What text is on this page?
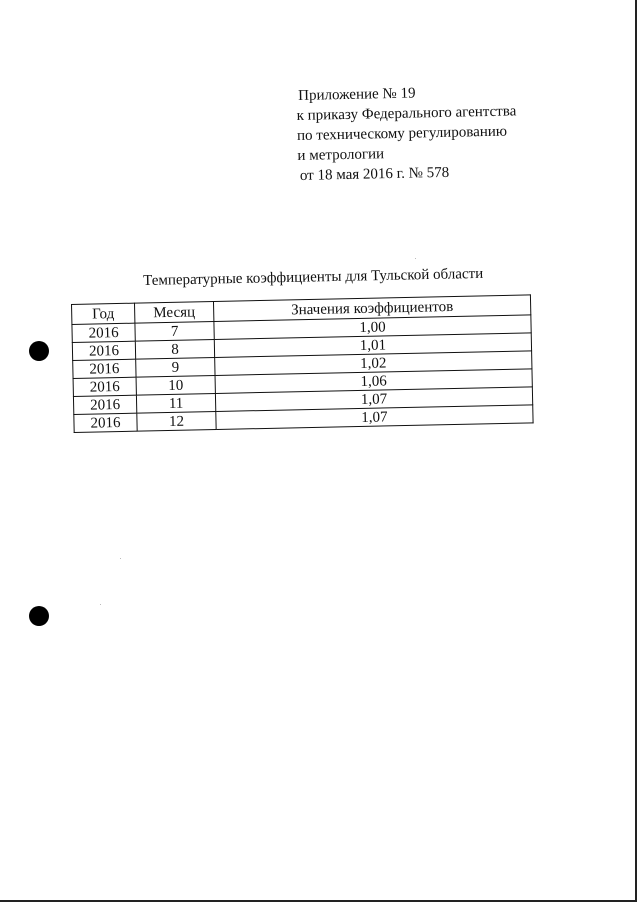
Приложение № 19
к приказу Федерального агентства
по техническому регулированию
и метрологии
от 18 мая 2016 г. № 578
Температурные коэффициенты для Тульской области
Год	Месяц	Значения коэффициентов
2016	7	1,00
2016	8	1,01
2016	9	1,02
2016	10	1,06
2016	11	1,07
2016	12	1,07
